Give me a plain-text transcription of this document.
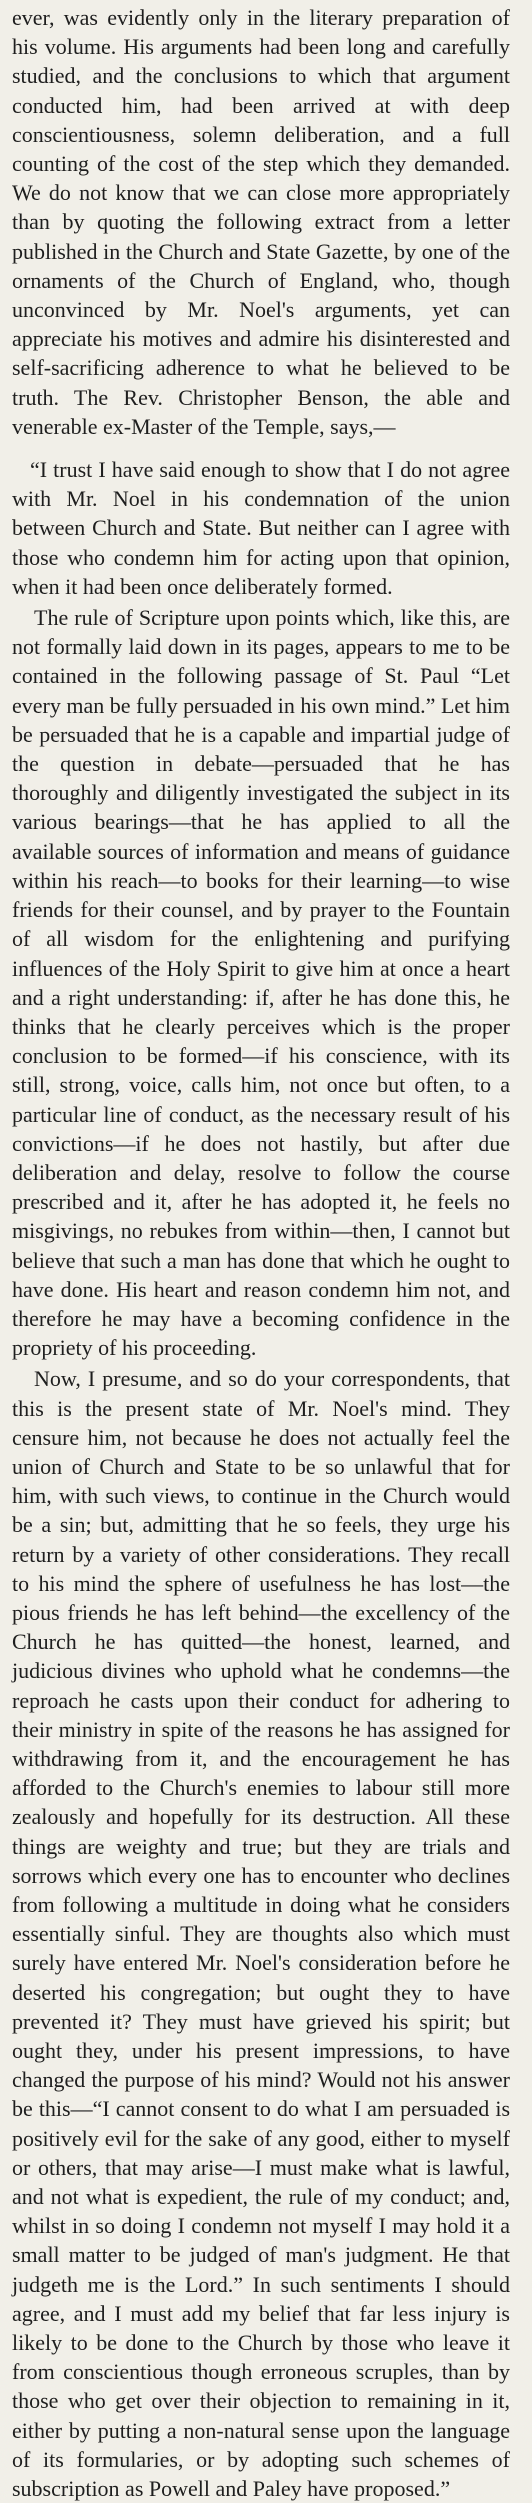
ever, was evidently only in the literary preparation of his volume. His arguments had been long and carefully studied, and the conclusions to which that argument conducted him, had been arrived at with deep conscientiousness, solemn deliberation, and a full counting of the cost of the step which they demanded. We do not know that we can close more appropriately than by quoting the following extract from a letter published in the Church and State Gazette, by one of the ornaments of the Church of England, who, though unconvinced by Mr. Noel's arguments, yet can appreciate his motives and admire his disinterested and self-sacrificing adherence to what he believed to be truth. The Rev. Christopher Benson, the able and venerable ex-Master of the Temple, says,—

“I trust I have said enough to show that I do not agree with Mr. Noel in his condemnation of the union between Church and State. But neither can I agree with those who condemn him for acting upon that opinion, when it had been once deliberately formed.

The rule of Scripture upon points which, like this, are not formally laid down in its pages, appears to me to be contained in the following passage of St. Paul “Let every man be fully persuaded in his own mind.” Let him be persuaded that he is a capable and impartial judge of the question in debate—persuaded that he has thoroughly and diligently investigated the subject in its various bearings—that he has applied to all the available sources of information and means of guidance within his reach—to books for their learning—to wise friends for their counsel, and by prayer to the Fountain of all wisdom for the enlightening and purifying influences of the Holy Spirit to give him at once a heart and a right understanding: if, after he has done this, he thinks that he clearly perceives which is the proper conclusion to be formed—if his conscience, with its still, strong, voice, calls him, not once but often, to a particular line of conduct, as the necessary result of his convictions—if he does not hastily, but after due deliberation and delay, resolve to follow the course prescribed and it, after he has adopted it, he feels no misgivings, no rebukes from within—then, I cannot but believe that such a man has done that which he ought to have done. His heart and reason condemn him not, and therefore he may have a becoming confidence in the propriety of his proceeding.

Now, I presume, and so do your correspondents, that this is the present state of Mr. Noel's mind. They censure him, not because he does not actually feel the union of Church and State to be so unlawful that for him, with such views, to continue in the Church would be a sin; but, admitting that he so feels, they urge his return by a variety of other considerations. They recall to his mind the sphere of usefulness he has lost—the pious friends he has left behind—the excellency of the Church he has quitted—the honest, learned, and judicious divines who uphold what he condemns—the reproach he casts upon their conduct for adhering to their ministry in spite of the reasons he has assigned for withdrawing from it, and the encouragement he has afforded to the Church's enemies to labour still more zealously and hopefully for its destruction. All these things are weighty and true; but they are trials and sorrows which every one has to encounter who declines from following a multitude in doing what he considers essentially sinful. They are thoughts also which must surely have entered Mr. Noel's consideration before he deserted his congregation; but ought they to have prevented it? They must have grieved his spirit; but ought they, under his present impressions, to have changed the purpose of his mind? Would not his answer be this—“I cannot consent to do what I am persuaded is positively evil for the sake of any good, either to myself or others, that may arise—I must make what is lawful, and not what is expedient, the rule of my conduct; and, whilst in so doing I condemn not myself I may hold it a small matter to be judged of man's judgment. He that judgeth me is the Lord.” In such sentiments I should agree, and I must add my belief that far less injury is likely to be done to the Church by those who leave it from conscientious though erroneous scruples, than by those who get over their objection to remaining in it, either by putting a non-natural sense upon the language of its formularies, or by adopting such schemes of subscription as Powell and Paley have proposed.”
